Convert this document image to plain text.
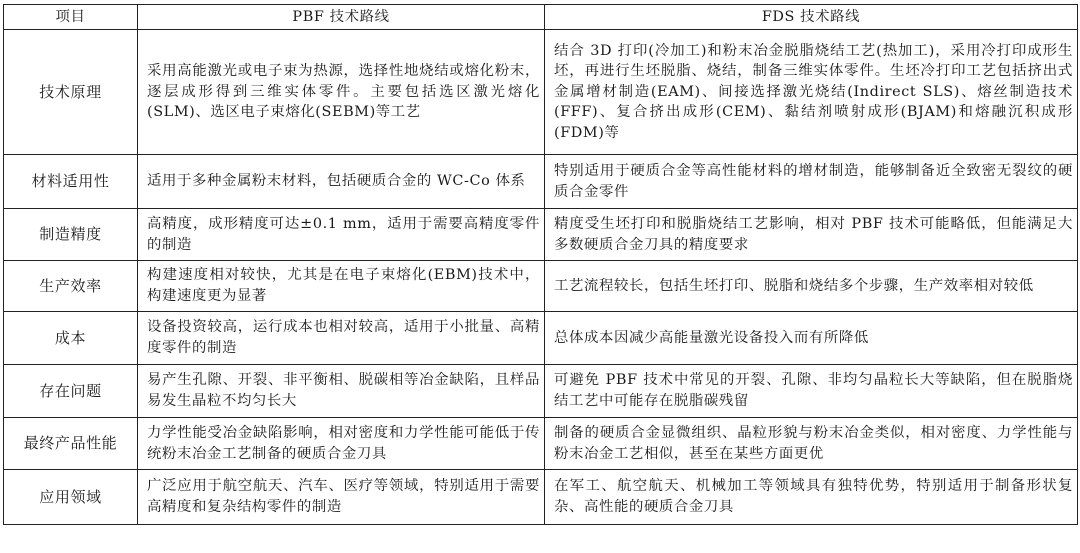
项目	PBF 技术路线	FDS 技术路线
技术原理	采用高能激光或电子束为热源，选择性地烧结或熔化粉末，逐层成形得到三维实体零件。主要包括选区激光熔化(SLM)、选区电子束熔化(SEBM)等工艺	结合 3D 打印(冷加工)和粉末冶金脱脂烧结工艺(热加工)，采用冷打印成形生坯，再进行生坯脱脂、烧结，制备三维实体零件。生坯冷打印工艺包括挤出式金属增材制造(EAM)、间接选择激光烧结(Indirect SLS)、熔丝制造技术(FFF)、复合挤出成形(CEM)、黏结剂喷射成形(BJAM)和熔融沉积成形(FDM)等

材料适用性	适用于多种金属粉末材料，包括硬质合金的 WC-Co 体系	特别适用于硬质合金等高性能材料的增材制造，能够制备近全致密无裂纹的硬质合金零件

制造精度	高精度，成形精度可达±0.1 mm，适用于需要高精度零件的制造	精度受生坯打印和脱脂烧结工艺影响，相对 PBF 技术可能略低，但能满足大多数硬质合金刀具的精度要求

生产效率	构建速度相对较快，尤其是在电子束熔化(EBM)技术中，构建速度更为显著	工艺流程较长，包括生坯打印、脱脂和烧结多个步骤，生产效率相对较低

成本	设备投资较高，运行成本也相对较高，适用于小批量、高精度零件的制造	总体成本因减少高能量激光设备投入而有所降低

存在问题	易产生孔隙、开裂、非平衡相、脱碳相等冶金缺陷，且样品易发生晶粒不均匀长大	可避免 PBF 技术中常见的开裂、孔隙、非均匀晶粒长大等缺陷，但在脱脂烧结工艺中可能存在脱脂碳残留

最终产品性能	力学性能受冶金缺陷影响，相对密度和力学性能可能低于传统粉末冶金工艺制备的硬质合金刀具	制备的硬质合金显微组织、晶粒形貌与粉末冶金类似，相对密度、力学性能与粉末冶金工艺相似，甚至在某些方面更优

应用领域	广泛应用于航空航天、汽车、医疗等领域，特别适用于需要高精度和复杂结构零件的制造	在军工、航空航天、机械加工等领域具有独特优势，特别适用于制备形状复杂、高性能的硬质合金刀具
